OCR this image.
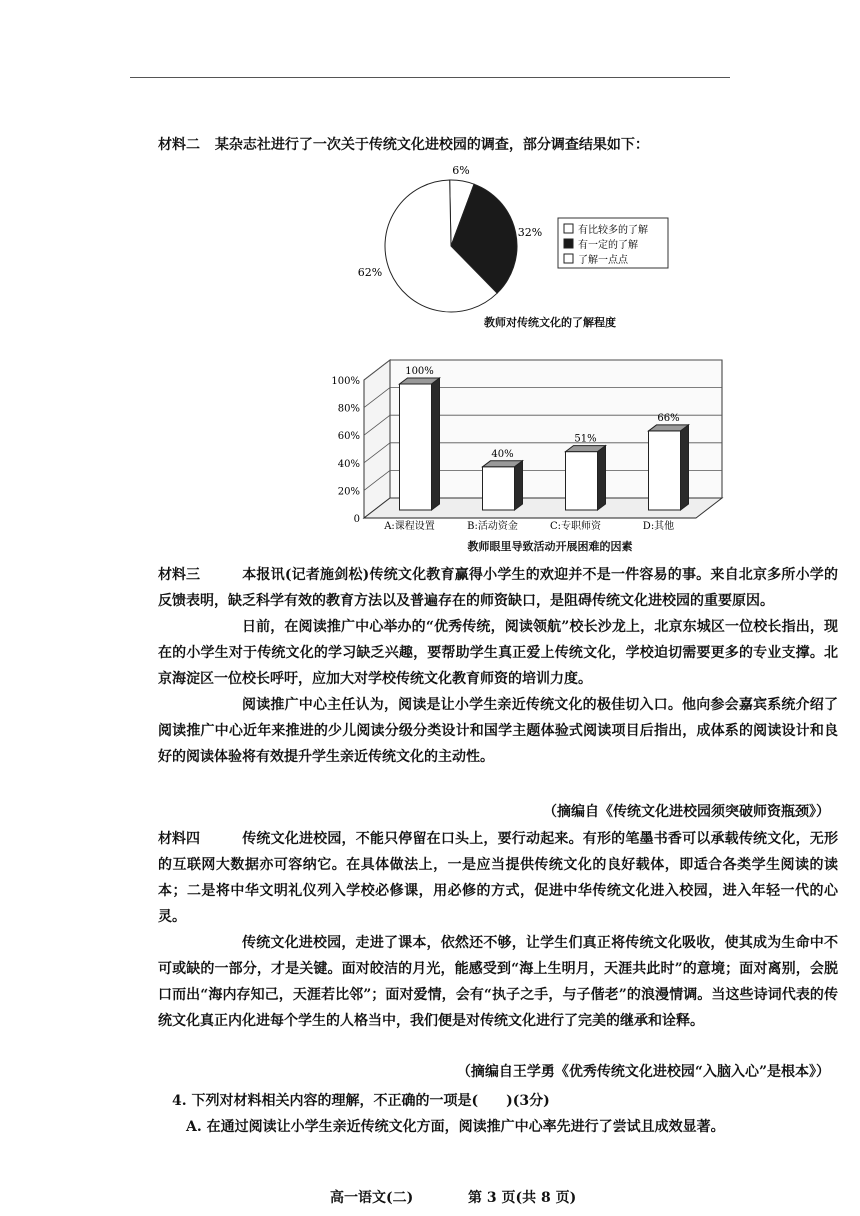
材料二 某杂志社进行了一次关于传统文化进校园的调查，部分调查结果如下：
6%
32%
62%
有比较多的了解
有一定的了解
了解一点点
教师对传统文化的了解程度
0
20%
40%
60%
80%
100%
100%
A:课程设置
40%
B:活动资金
51%
C:专职师资
66%
D:其他
教师眼里导致活动开展困难的因素

材料三	本报讯(记者施剑松)传统文化教育赢得小学生的欢迎并不是一件容易的事。来自北京多所小学的反馈表明，缺乏科学有效的教育方法以及普遍存在的师资缺口，是阻碍传统文化进校园的重要原因。

日前，在阅读推广中心举办的“优秀传统，阅读领航”校长沙龙上，北京东城区一位校长指出，现在的小学生对于传统文化的学习缺乏兴趣，要帮助学生真正爱上传统文化，学校迫切需要更多的专业支撑。北京海淀区一位校长呼吁，应加大对学校传统文化教育师资的培训力度。

阅读推广中心主任认为，阅读是让小学生亲近传统文化的极佳切入口。他向参会嘉宾系统介绍了阅读推广中心近年来推进的少儿阅读分级分类设计和国学主题体验式阅读项目后指出，成体系的阅读设计和良好的阅读体验将有效提升学生亲近传统文化的主动性。

（摘编自《传统文化进校园须突破师资瓶颈》）

材料四	传统文化进校园，不能只停留在口头上，要行动起来。有形的笔墨书香可以承载传统文化，无形的互联网大数据亦可容纳它。在具体做法上，一是应当提供传统文化的良好载体，即适合各类学生阅读的读本；二是将中华文明礼仪列入学校必修课，用必修的方式，促进中华传统文化进入校园，进入年轻一代的心灵。

传统文化进校园，走进了课本，依然还不够，让学生们真正将传统文化吸收，使其成为生命中不可或缺的一部分，才是关键。面对皎洁的月光，能感受到“海上生明月，天涯共此时”的意境；面对离别，会脱口而出“海内存知己，天涯若比邻”；面对爱情，会有“执子之手，与子偕老”的浪漫情调。当这些诗词代表的传统文化真正内化进每个学生的人格当中，我们便是对传统文化进行了完美的继承和诠释。

（摘编自王学勇《优秀传统文化进校园“入脑入心”是根本》）
4. 下列对材料相关内容的理解，不正确的一项是(　　)(3分)
A. 在通过阅读让小学生亲近传统文化方面，阅读推广中心率先进行了尝试且成效显著。
高一语文(二)	第 3 页(共 8 页)
